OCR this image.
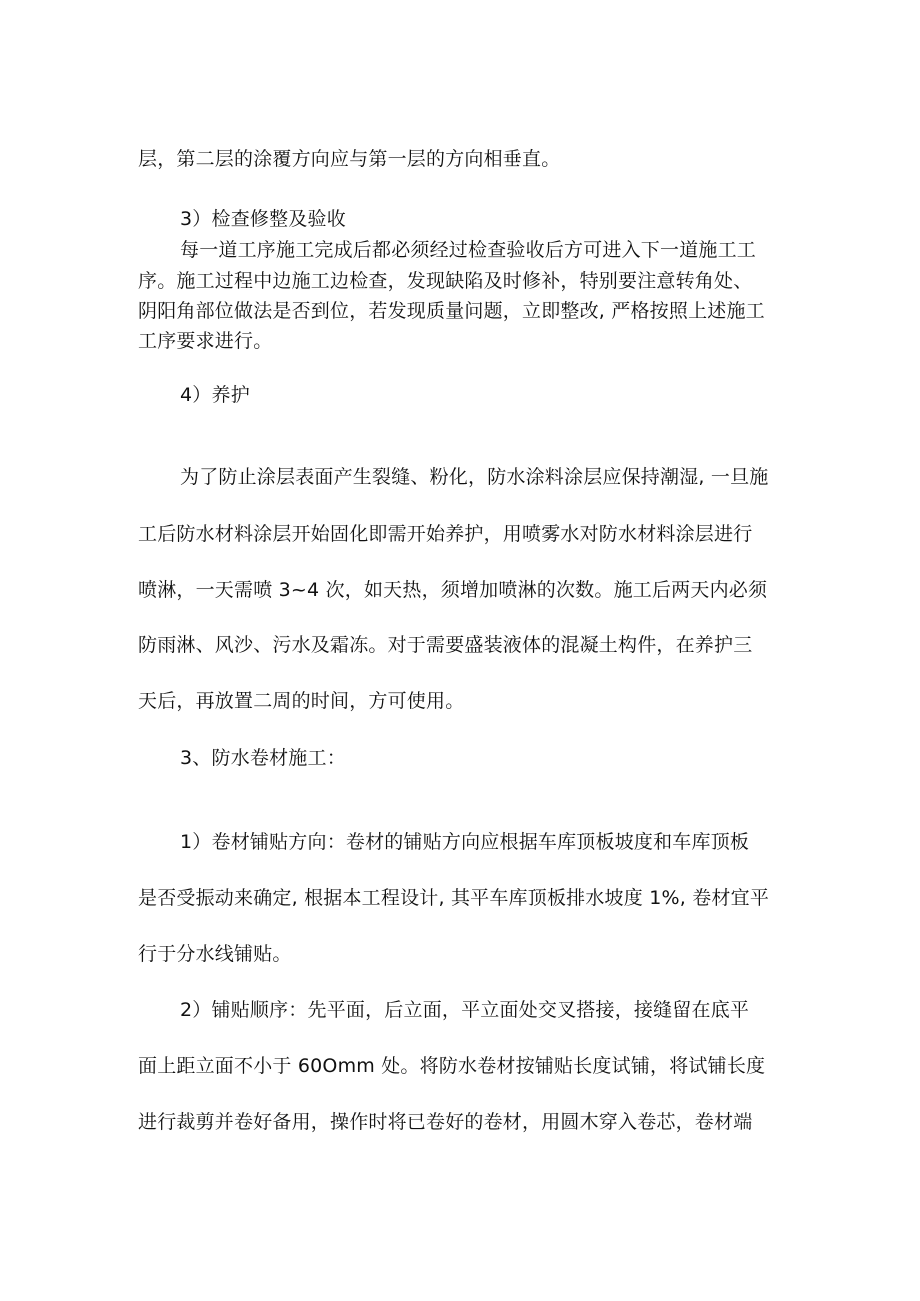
层，第二层的涂覆方向应与第一层的方向相垂直。
3）检查修整及验收
每一道工序施工完成后都必须经过检查验收后方可进入下一道施工工
序。施工过程中边施工边检查，发现缺陷及时修补，特别要注意转角处、
阴阳角部位做法是否到位，若发现质量问题，立即整改, 严格按照上述施工
工序要求进行。
4）养护
为了防止涂层表面产生裂缝、粉化，防水涂料涂层应保持潮湿, 一旦施
工后防水材料涂层开始固化即需开始养护，用喷雾水对防水材料涂层进行
喷淋，一天需喷 3~4 次，如天热，须增加喷淋的次数。施工后两天内必须
防雨淋、风沙、污水及霜冻。对于需要盛装液体的混凝土构件，在养护三
天后，再放置二周的时间，方可使用。
3、防水卷材施工：
1）卷材铺贴方向：卷材的铺贴方向应根据车库顶板坡度和车库顶板
是否受振动来确定, 根据本工程设计, 其平车库顶板排水坡度 1%, 卷材宜平
行于分水线铺贴。
2）铺贴顺序：先平面，后立面，平立面处交叉搭接，接缝留在底平
面上距立面不小于 60Omm 处。将防水卷材按铺贴长度试铺，将试铺长度
进行裁剪并卷好备用，操作时将已卷好的卷材，用圆木穿入卷芯，卷材端
